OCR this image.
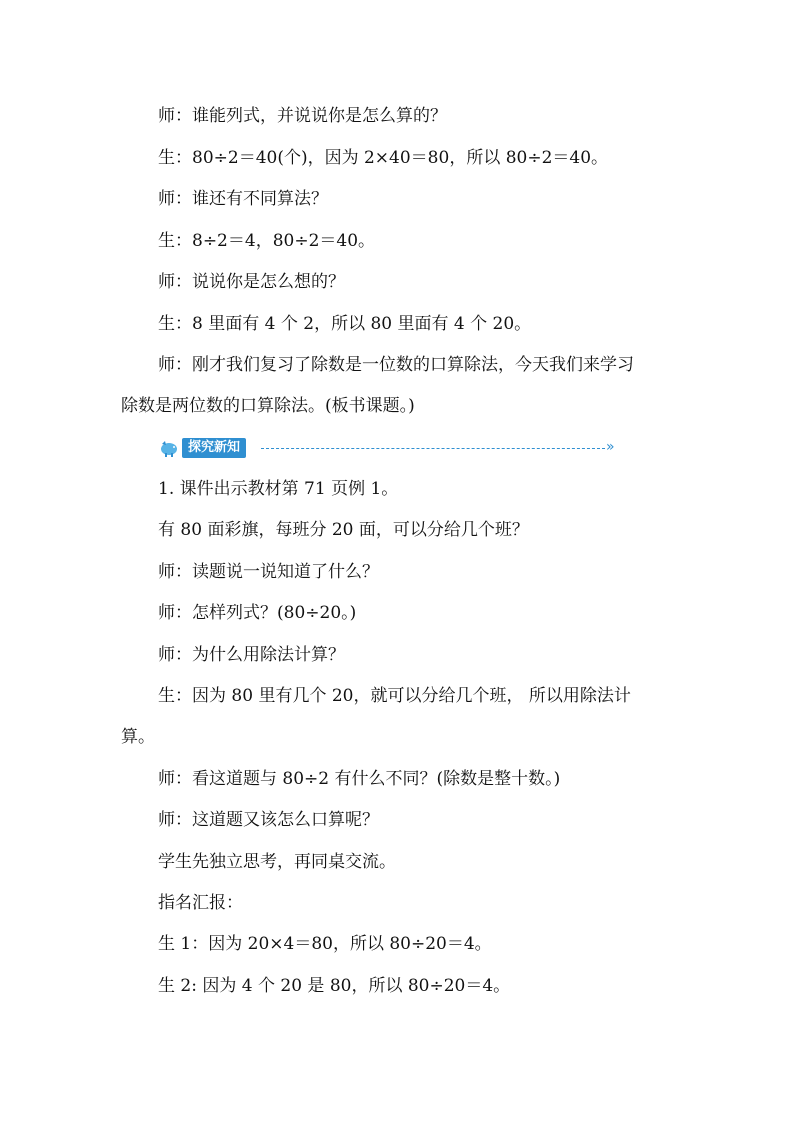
师：谁能列式，并说说你是怎么算的？
生：80÷2＝40(个)，因为 2×40＝80，所以 80÷2＝40。
师：谁还有不同算法？
生：8÷2＝4，80÷2＝40。
师：说说你是怎么想的？
生：8 里面有 4 个 2，所以 80 里面有 4 个 20。
师：刚才我们复习了除数是一位数的口算除法，今天我们来学习
除数是两位数的口算除法。(板书课题。)
探究新知	»
1. 课件出示教材第 71 页例 1。
有 80 面彩旗，每班分 20 面，可以分给几个班？
师：读题说一说知道了什么？
师：怎样列式？(80÷20。)
师：为什么用除法计算？
生：因为 80 里有几个 20，就可以分给几个班， 所以用除法计
算。
师：看这道题与 80÷2 有什么不同？(除数是整十数。)
师：这道题又该怎么口算呢？
学生先独立思考，再同桌交流。
指名汇报：
生 1：因为 20×4＝80，所以 80÷20＝4。
生 2: 因为 4 个 20 是 80，所以 80÷20＝4。
